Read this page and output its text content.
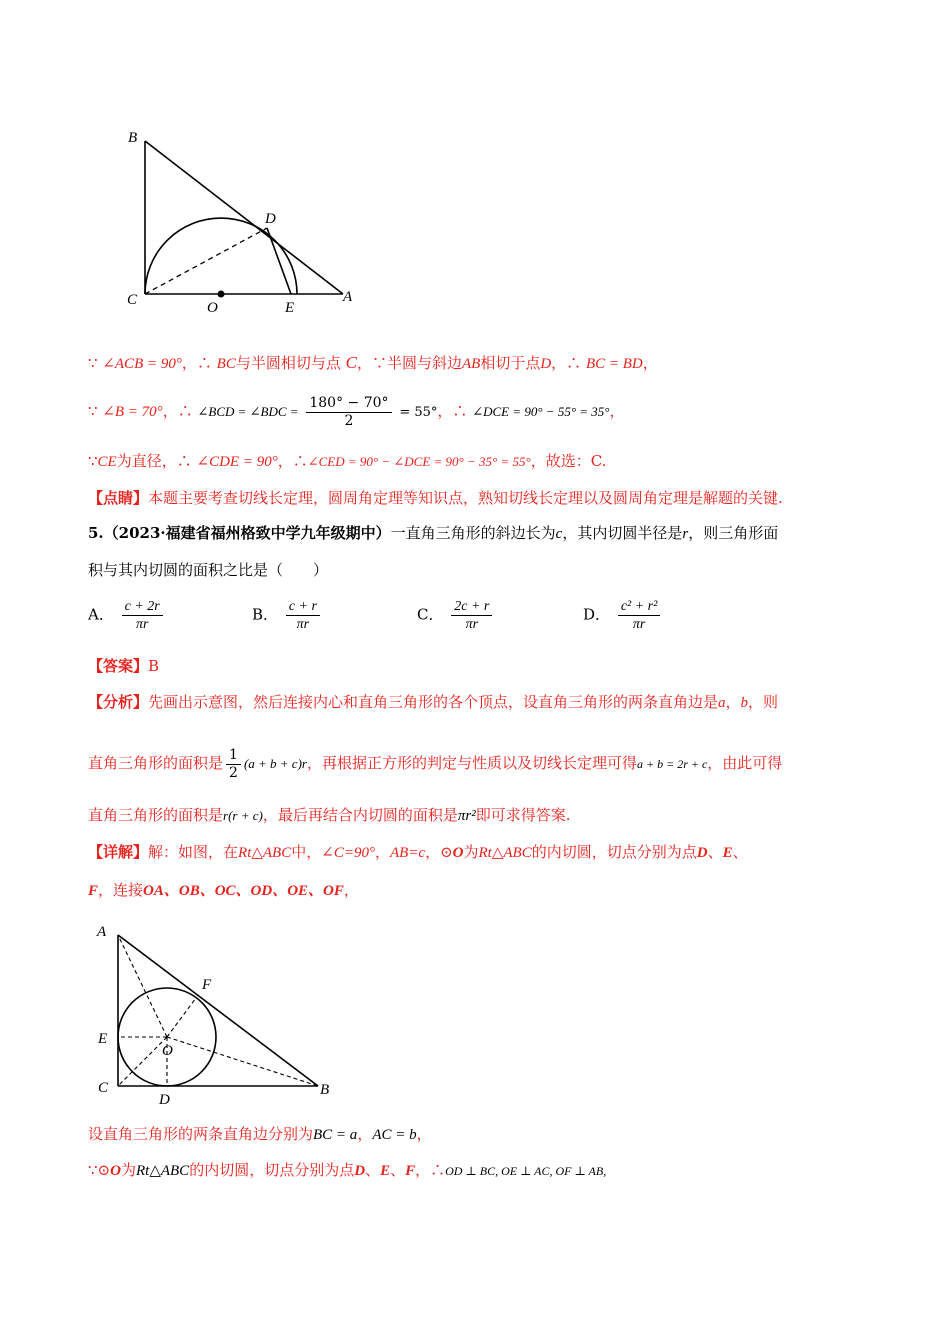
B
D
C	O	E
A
∵ ∠ACB = 90°，∴ BC与半圆相切与点 C，∵半圆与斜边AB相切于点D，∴ BC = BD，
∵ ∠B = 70°，∴ ∠BCD = ∠BDC = $\frac{180^\circ - 70^\circ}{2} = 55^\circ$，∴ ∠DCE = 90° − 55° = 35°，
∵CE为直径，∴ ∠CDE = 90°，∴∠CED = 90° − ∠DCE = 90° − 35° = 55°，故选：C.
【点睛】本题主要考查切线长定理，圆周角定理等知识点，熟知切线长定理以及圆周角定理是解题的关键.
5.（2023·福建省福州格致中学九年级期中）一直角三角形的斜边长为c，其内切圆半径是r，则三角形面
积与其内切圆的面积之比是（　　）
A． $\frac{c + 2r}{\pi r}$	B． $\frac{c + r}{\pi r}$	C． $\frac{2c + r}{\pi r}$	D． $\frac{\text{c² + r²}}{\pi r}$
【答案】B
【分析】先画出示意图，然后连接内心和直角三角形的各个顶点，设直角三角形的两条直角边是a，b，则
直角三角形的面积是 $\frac{1}{2} (a + b + c)r$，再根据正方形的判定与性质以及切线长定理可得a + b = 2r + c，由此可得
直角三角形的面积是r(r + c)，最后再结合内切圆的面积是πr²即可求得答案.
【详解】解：如图，在Rt△ABC中，∠C=90°，AB=c，⊙O为Rt△ABC的内切圆，切点分别为点D、E、
F，连接OA、OB、OC、OD、OE、OF，
A
F
E
O
C
D
B
设直角三角形的两条直角边分别为BC = a，AC = b，
∵⊙O为Rt△ABC的内切圆，切点分别为点D、E、F，∴OD ⊥ BC, OE ⊥ AC, OF ⊥ AB,
